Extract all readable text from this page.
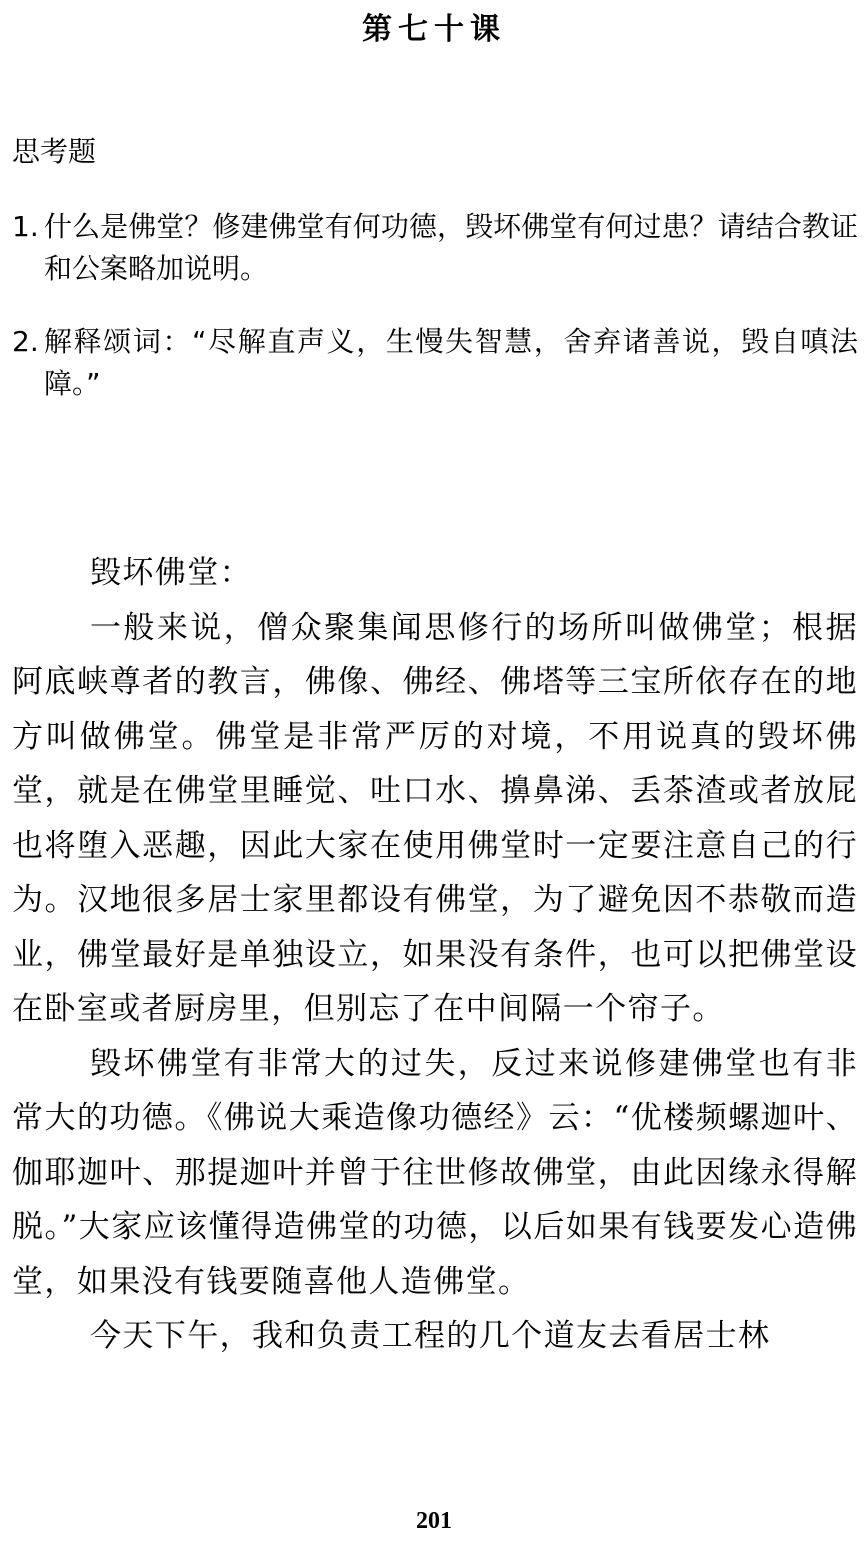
第七十课
思考题
1. 什么是佛堂？修建佛堂有何功德，毁坏佛堂有何过患？请结合教证和公案略加说明。
2. 解释颂词：“尽解直声义，生慢失智慧，舍弃诸善说，毁自嗔法障。”

毁坏佛堂：

一般来说，僧众聚集闻思修行的场所叫做佛堂；根据阿底峡尊者的教言，佛像、佛经、佛塔等三宝所依存在的地方叫做佛堂。佛堂是非常严厉的对境，不用说真的毁坏佛堂，就是在佛堂里睡觉、吐口水、擤鼻涕、丢茶渣或者放屁也将堕入恶趣，因此大家在使用佛堂时一定要注意自己的行为。汉地很多居士家里都设有佛堂，为了避免因不恭敬而造业，佛堂最好是单独设立，如果没有条件，也可以把佛堂设在卧室或者厨房里，但别忘了在中间隔一个帘子。

毁坏佛堂有非常大的过失，反过来说修建佛堂也有非常大的功德。《佛说大乘造像功德经》云：“优楼频螺迦叶、伽耶迦叶、那提迦叶并曾于往世修故佛堂，由此因缘永得解脱。”大家应该懂得造佛堂的功德，以后如果有钱要发心造佛堂，如果没有钱要随喜他人造佛堂。

今天下午，我和负责工程的几个道友去看居士林

201
